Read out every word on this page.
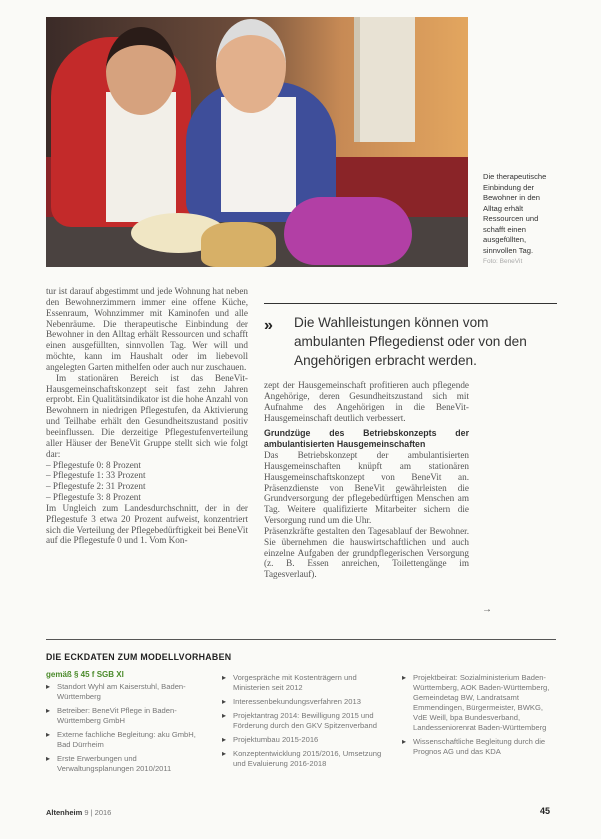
Die therapeutische
Einbindung der
Bewohner in den
Alltag erhält
Ressourcen und
schafft einen
ausgefüllten,
sinnvollen Tag.
Foto: BeneVit

tur ist darauf abgestimmt und jede Wohnung hat neben den Bewohnerzimmern immer eine offene Küche, Essenraum, Wohnzimmer mit Kaminofen und alle Nebenräume. Die therapeutische Einbindung der Bewohner in den Alltag erhält Ressourcen und schafft einen ausgefüllten, sinnvollen Tag. Wer will und möchte, kann im Haushalt oder im liebevoll angelegten Garten mithelfen oder auch nur zuschauen.

Im stationären Bereich ist das BeneVit-Hausgemeinschaftskonzept seit fast zehn Jahren erprobt. Ein Qualitätsindikator ist die hohe Anzahl von Bewohnern in niedrigen Pflegestufen, da Aktivierung und Teilhabe erhält den Gesundheitszustand positiv beeinflussen. Die derzeitige Pflegestufenverteilung aller Häuser der BeneVit Gruppe stellt sich wie folgt dar:

– Pflegestufe 0: 8 Prozent
– Pflegestufe 1: 33 Prozent
– Pflegestufe 2: 31 Prozent
– Pflegestufe 3: 8 Prozent

Im Ungleich zum Landesdurchschnitt, der in der Pflegestufe 3 etwa 20 Prozent aufweist, konzentriert sich die Verteilung der Pflegebedürftigkeit bei BeneVit auf die Pflegestufe 0 und 1. Vom Kon-

» Die Wahlleistungen können vom ambulanten Pflegedienst oder von den Angehörigen erbracht werden.

zept der Hausgemeinschaft profitieren auch pflegende Angehörige, deren Gesundheitszustand sich mit Aufnahme des Angehörigen in die BeneVit-Hausgemeinschaft deutlich verbessert.

Grundzüge des Betriebskonzepts der ambulantisierten Hausgemeinschaften

Das Betriebskonzept der ambulantisierten Hausgemeinschaften knüpft am stationären Hausgemeinschaftskonzept von BeneVit an. Präsenzdienste von BeneVit gewährleisten die Grundversorgung der pflegebedürftigen Menschen am Tag. Weitere qualifizierte Mitarbeiter sichern die Versorgung rund um die Uhr.

Präsenzkräfte gestalten den Tagesablauf der Bewohner. Sie übernehmen die hauswirtschaftlichen und auch einzelne Aufgaben der grundpflegerischen Versorgung (z. B. Essen anreichen, Toilettengänge im Tagesverlauf).

→
DIE ECKDATEN ZUM MODELLVORHABEN
gemäß § 45 f SGB XI
▸ Standort Wyhl am Kaiserstuhl, Baden-Württemberg
▸ Betreiber: BeneVit Pflege in Baden-Württemberg GmbH
▸ Externe fachliche Begleitung: aku GmbH, Bad Dürrheim
▸ Erste Erwerbungen und Verwaltungsplanungen 2010/2011
▸ Vorgespräche mit Kostenträgern und Ministerien seit 2012
▸ Interessenbekundungsverfahren 2013
▸ Projektantrag 2014: Bewilligung 2015 und Förderung durch den GKV Spitzenverband
▸ Projektumbau 2015-2016
▸ Konzeptentwicklung 2015/2016, Umsetzung und Evaluierung 2016-2018
▸ Projektbeirat: Sozialministerium Baden-Württemberg, AOK Baden-Württemberg, Gemeindetag BW, Landratsamt Emmendingen, Bürgermeister, BWKG, VdE Weill, bpa Bundesverband, Landesseniorenrat Baden-Württemberg
▸ Wissenschaftliche Begleitung durch die Prognos AG und das KDA
Altenheim 9 | 2016	45
